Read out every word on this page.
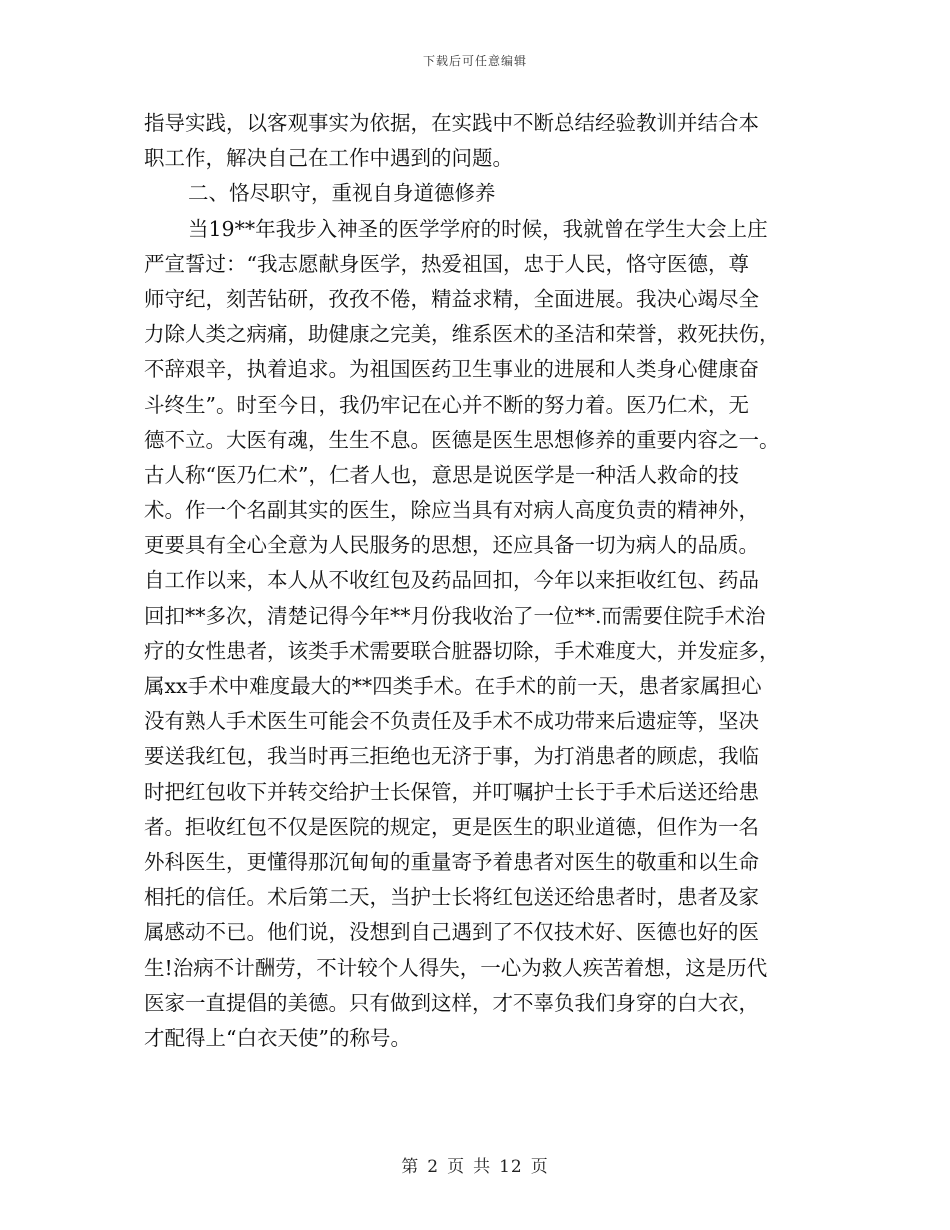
下载后可任意编辑
指导实践，以客观事实为依据，在实践中不断总结经验教训并结合本
职工作，解决自己在工作中遇到的问题。
二、恪尽职守，重视自身道德修养
当19**年我步入神圣的医学学府的时候，我就曾在学生大会上庄
严宣誓过：“我志愿献身医学，热爱祖国，忠于人民，恪守医德，尊
师守纪，刻苦钻研，孜孜不倦，精益求精，全面进展。我决心竭尽全
力除人类之病痛，助健康之完美，维系医术的圣洁和荣誉，救死扶伤，
不辞艰辛，执着追求。为祖国医药卫生事业的进展和人类身心健康奋
斗终生”。时至今日，我仍牢记在心并不断的努力着。医乃仁术，无
德不立。大医有魂，生生不息。医德是医生思想修养的重要内容之一。
古人称“医乃仁术”，仁者人也，意思是说医学是一种活人救命的技
术。作一个名副其实的医生，除应当具有对病人高度负责的精神外，
更要具有全心全意为人民服务的思想，还应具备一切为病人的品质。
自工作以来，本人从不收红包及药品回扣，今年以来拒收红包、药品
回扣**多次，清楚记得今年**月份我收治了一位**.而需要住院手术治
疗的女性患者，该类手术需要联合脏器切除，手术难度大，并发症多，
属xx手术中难度最大的**四类手术。在手术的前一天，患者家属担心
没有熟人手术医生可能会不负责任及手术不成功带来后遗症等，坚决
要送我红包，我当时再三拒绝也无济于事，为打消患者的顾虑，我临
时把红包收下并转交给护士长保管，并叮嘱护士长于手术后送还给患
者。拒收红包不仅是医院的规定，更是医生的职业道德，但作为一名
外科医生，更懂得那沉甸甸的重量寄予着患者对医生的敬重和以生命
相托的信任。术后第二天，当护士长将红包送还给患者时，患者及家
属感动不已。他们说，没想到自己遇到了不仅技术好、医德也好的医
生!治病不计酬劳，不计较个人得失，一心为救人疾苦着想，这是历代
医家一直提倡的美德。只有做到这样，才不辜负我们身穿的白大衣，
才配得上“白衣天使”的称号。
第 2 页 共 12 页
